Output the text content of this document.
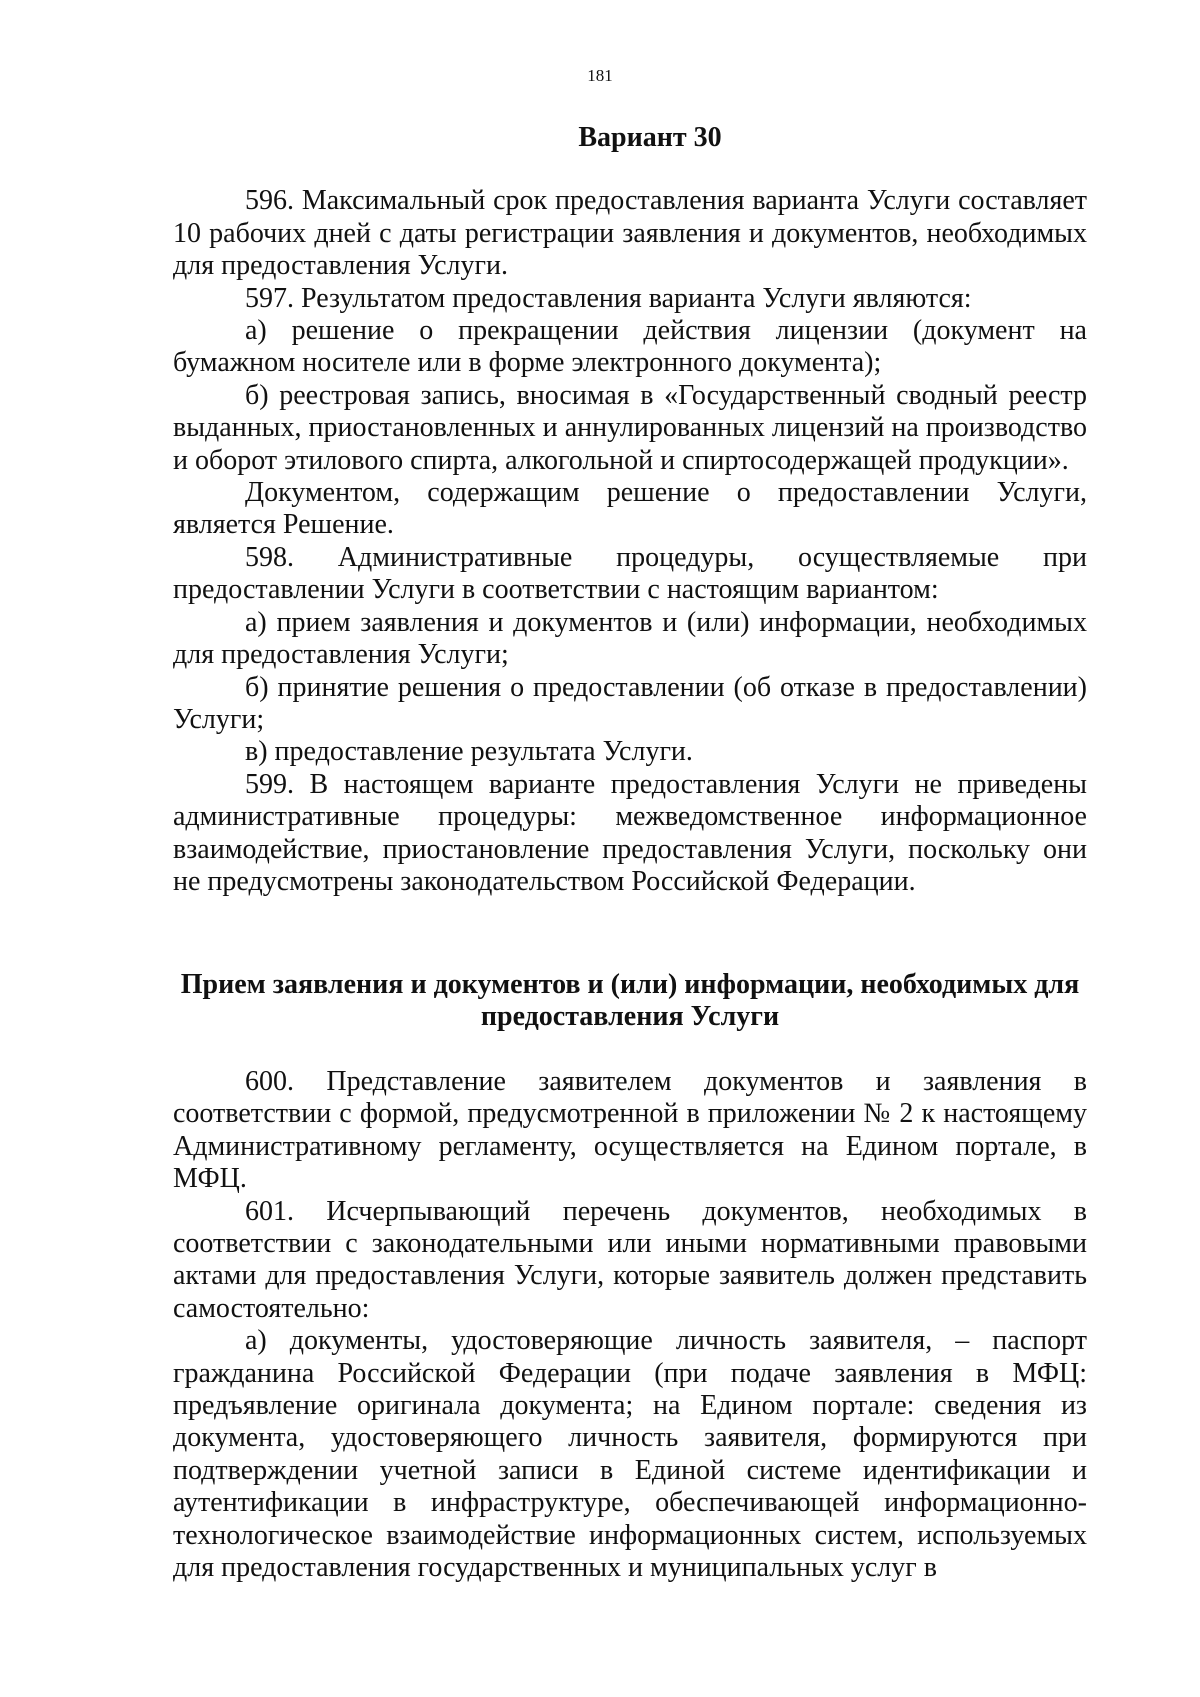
181
Вариант 30

596. Максимальный срок предоставления варианта Услуги составляет 10 рабочих дней с даты регистрации заявления и документов, необходимых для предоставления Услуги.

597. Результатом предоставления варианта Услуги являются:

а) решение о прекращении действия лицензии (документ на бумажном носителе или в форме электронного документа);

б) реестровая запись, вносимая в «Государственный сводный реестр выданных, приостановленных и аннулированных лицензий на производство и оборот этилового спирта, алкогольной и спиртосодержащей продукции».

Документом, содержащим решение о предоставлении Услуги, является Решение.

598. Административные процедуры, осуществляемые при предоставлении Услуги в соответствии с настоящим вариантом:

а) прием заявления и документов и (или) информации, необходимых для предоставления Услуги;

б) принятие решения о предоставлении (об отказе в предоставлении) Услуги;

в) предоставление результата Услуги.

599. В настоящем варианте предоставления Услуги не приведены административные процедуры: межведомственное информационное взаимодействие, приостановление предоставления Услуги, поскольку они не предусмотрены законодательством Российской Федерации.

Прием заявления и документов и (или) информации, необходимых для предоставления Услуги

600. Представление заявителем документов и заявления в соответствии с формой, предусмотренной в приложении № 2 к настоящему Административному регламенту, осуществляется на Едином портале, в МФЦ.

601. Исчерпывающий перечень документов, необходимых в соответствии с законодательными или иными нормативными правовыми актами для предоставления Услуги, которые заявитель должен представить самостоятельно:

а) документы, удостоверяющие личность заявителя, – паспорт гражданина Российской Федерации (при подаче заявления в МФЦ: предъявление оригинала документа; на Едином портале: сведения из документа, удостоверяющего личность заявителя, формируются при подтверждении учетной записи в Единой системе идентификации и аутентификации в инфраструктуре, обеспечивающей информационно-технологическое взаимодействие информационных систем, используемых для предоставления государственных и муниципальных услуг в
